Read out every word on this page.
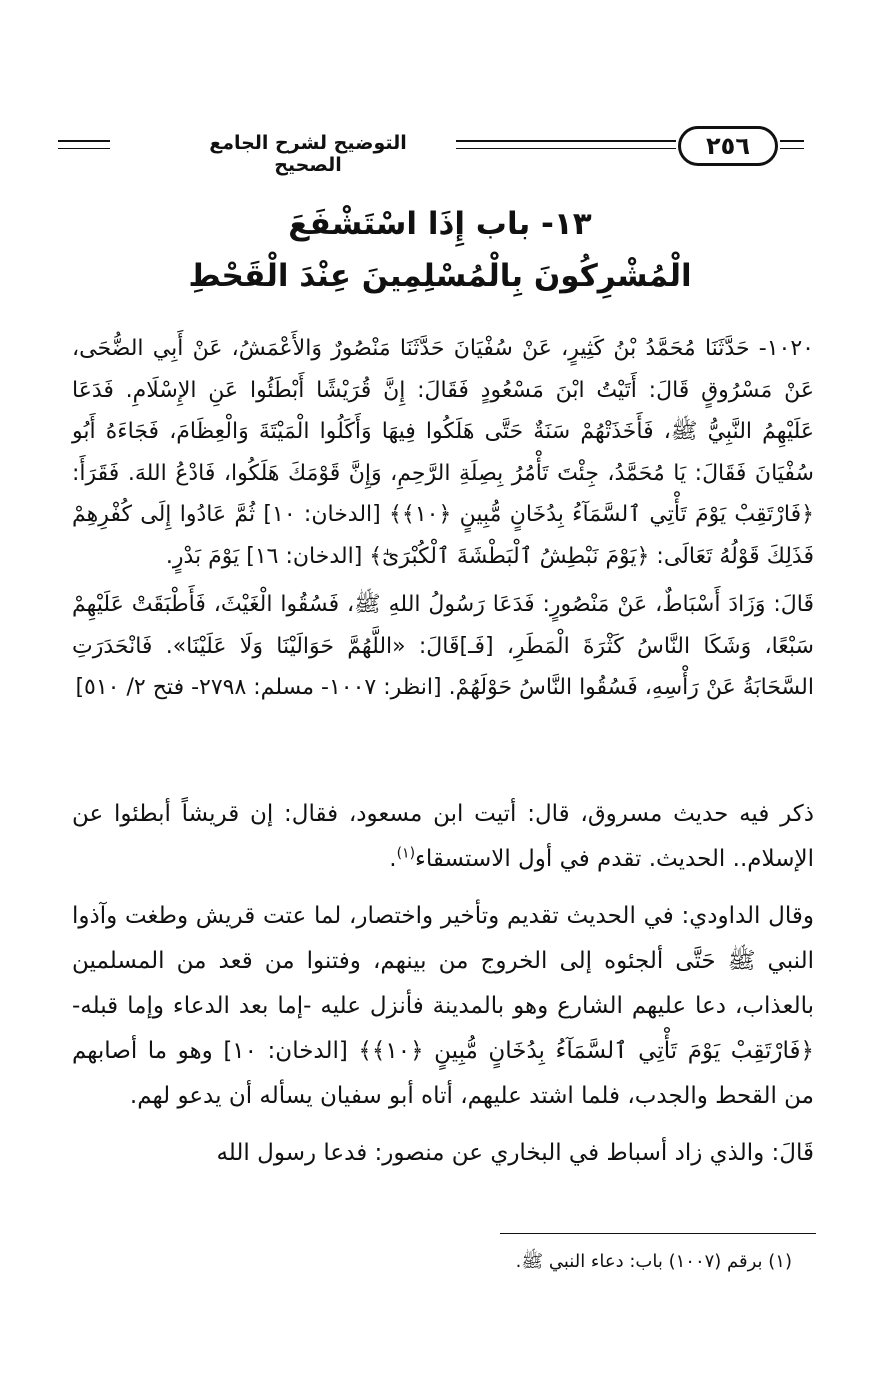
التوضيح لشرح الجامع الصحيح
٢٥٦
١٣- باب إِذَا اسْتَشْفَعَ
الْمُشْرِكُونَ بِالْمُسْلِمِينَ عِنْدَ الْقَحْطِ

١٠٢٠- حَدَّثَنَا مُحَمَّدُ بْنُ كَثِيرٍ، عَنْ سُفْيَانَ حَدَّثَنَا مَنْصُورٌ وَالأَعْمَشُ، عَنْ أَبِي الضُّحَى، عَنْ مَسْرُوقٍ قَالَ: أَتَيْتُ ابْنَ مَسْعُودٍ فَقَالَ: إِنَّ قُرَيْشًا أَبْطَئُوا عَنِ الإِسْلَامِ. فَدَعَا عَلَيْهِمُ النَّبِيُّ ﷺ، فَأَخَذَتْهُمْ سَنَةٌ حَتَّى هَلَكُوا فِيهَا وَأَكَلُوا الْمَيْتَةَ وَالْعِظَامَ، فَجَاءَهُ أَبُو سُفْيَانَ فَقَالَ: يَا مُحَمَّدُ، جِئْتَ تَأْمُرُ بِصِلَةِ الرَّحِمِ، وَإِنَّ قَوْمَكَ هَلَكُوا، فَادْعُ اللهَ. فَقَرَأَ: ﴿فَارْتَقِبْ يَوْمَ تَأْتِي ٱلسَّمَآءُ بِدُخَانٍ مُّبِينٍ ﴿١٠﴾﴾ [الدخان: ١٠] ثُمَّ عَادُوا إِلَى كُفْرِهِمْ فَذَلِكَ قَوْلُهُ تَعَالَى: ﴿يَوْمَ نَبْطِشُ ٱلْبَطْشَةَ ٱلْكُبْرَىٰٓ﴾ [الدخان: ١٦] يَوْمَ بَدْرٍ.

قَالَ: وَزَادَ أَسْبَاطٌ، عَنْ مَنْصُورٍ: فَدَعَا رَسُولُ اللهِ ﷺ، فَسُقُوا الْغَيْثَ، فَأَطْبَقَتْ عَلَيْهِمْ سَبْعًا، وَشَكَا النَّاسُ كَثْرَةَ الْمَطَرِ، [فَـ]قَالَ: «اللَّهُمَّ حَوَالَيْنَا وَلَا عَلَيْنَا». فَانْحَدَرَتِ السَّحَابَةُ عَنْ رَأْسِهِ، فَسُقُوا النَّاسُ حَوْلَهُمْ. [انظر: ١٠٠٧- مسلم: ٢٧٩٨- فتح ٢/ ٥١٠]

ذكر فيه حديث مسروق، قال: أتيت ابن مسعود، فقال: إن قريشاً أبطئوا عن الإسلام.. الحديث. تقدم في أول الاستسقاء$^{(١)}$.

وقال الداودي: في الحديث تقديم وتأخير واختصار، لما عتت قريش وطغت وآذوا النبي ﷺ حَتَّى ألجئوه إلى الخروج من بينهم، وفتنوا من قعد من المسلمين بالعذاب، دعا عليهم الشارع وهو بالمدينة فأنزل عليه -إما بعد الدعاء وإما قبله- ﴿فَارْتَقِبْ يَوْمَ تَأْتِي ٱلسَّمَآءُ بِدُخَانٍ مُّبِينٍ ﴿١٠﴾﴾ [الدخان: ١٠] وهو ما أصابهم من القحط والجدب، فلما اشتد عليهم، أتاه أبو سفيان يسأله أن يدعو لهم.

قَالَ: والذي زاد أسباط في البخاري عن منصور: فدعا رسول الله

(١) برقم (١٠٠٧) باب: دعاء النبي ﷺ.
